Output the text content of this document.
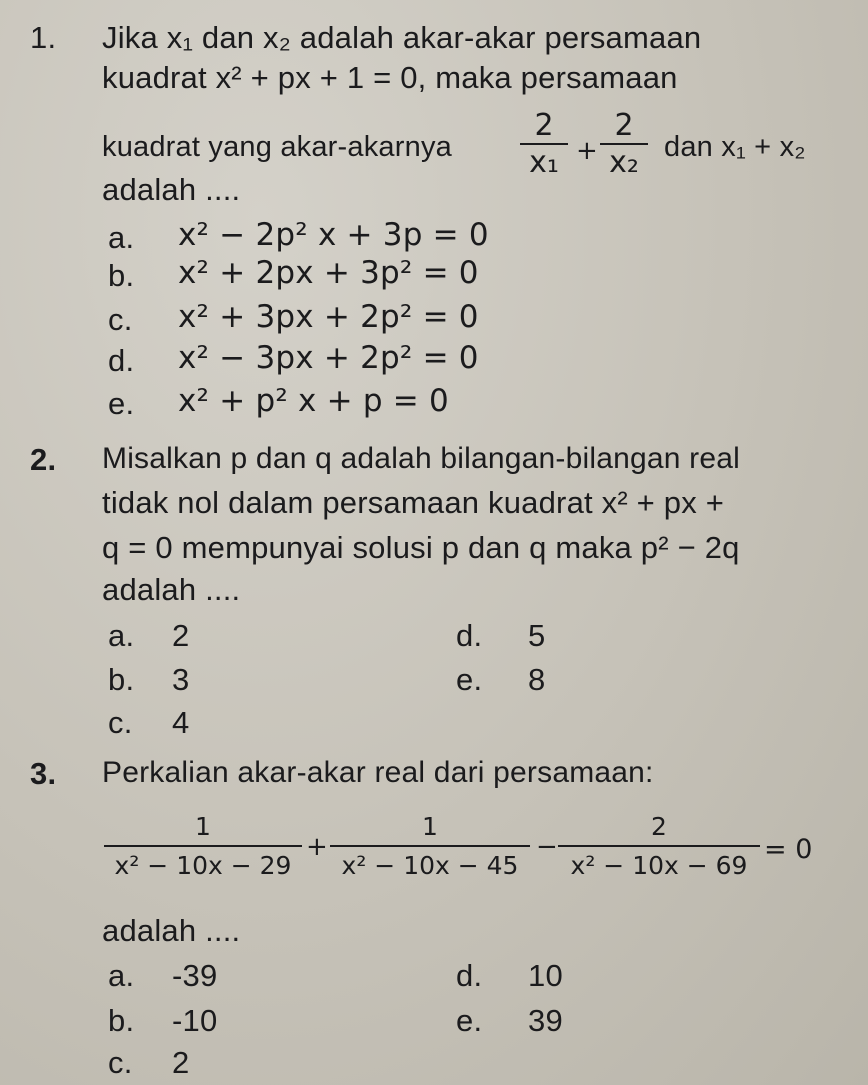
1. Jika x₁ dan x₂ adalah akar-akar persamaan
kuadrat x² + px + 1 = 0, maka persamaan
kuadrat yang akar-akarnya
2
x₁ +
2
x₂ dan x₁ + x₂
adalah ....
a. x² − 2p² x + 3p = 0
b. x² + 2px + 3p² = 0
c. x² + 3px + 2p² = 0
d. x² − 3px + 2p² = 0
e. x² + p² x + p = 0
2. Misalkan p dan q adalah bilangan-bilangan real
tidak nol dalam persamaan kuadrat x² + px +
q = 0 mempunyai solusi p dan q maka p² − 2q
adalah ....
a. 2
b. 3
c. 4
d. 5
e. 8
3. Perkalian akar-akar real dari persamaan:
1
x² − 10x − 29
+
1
x² − 10x − 45
−
2
x² − 10x − 69
= 0
adalah ....
a. -39
b. -10
c. 2
d. 10
e. 39
